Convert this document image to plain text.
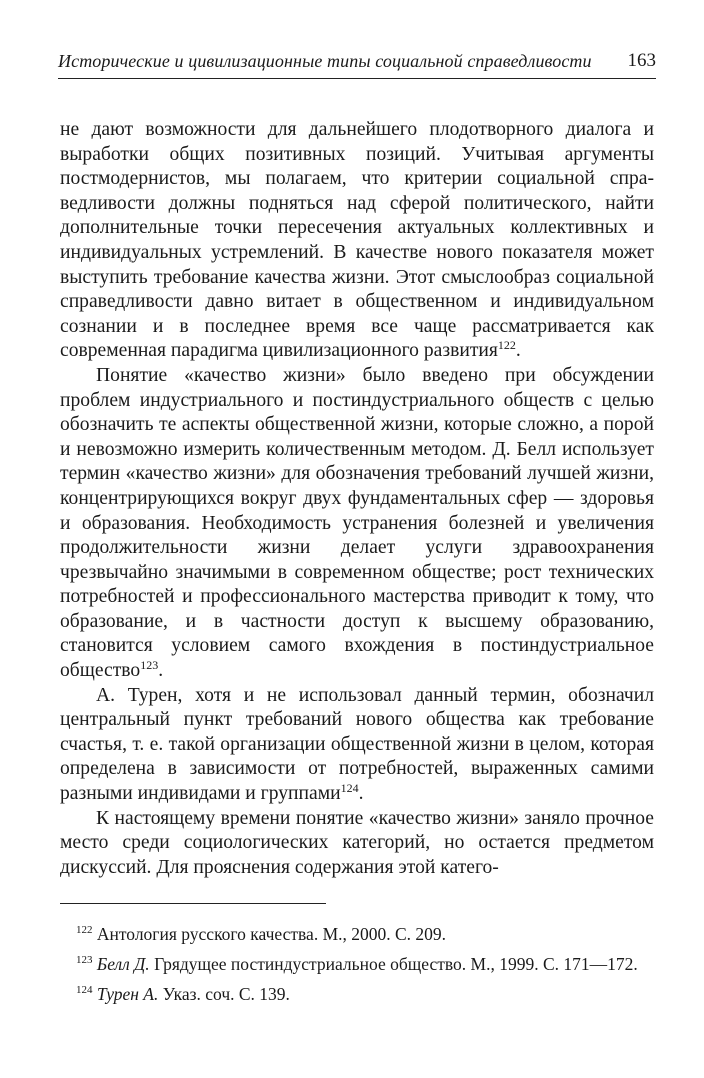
Исторические и цивилизационные типы социальной справедливости 163

не дают возможности для дальнейшего плодотворного диалога и выработки общих позитивных позиций. Учитывая аргументы постмодернистов, мы полагаем, что критерии социальной справедливости должны подняться над сферой политического, найти дополнительные точки пересечения актуальных коллективных и индивидуальных устремлений. В качестве нового показателя может выступить требование качества жизни. Этот смыслообраз социальной справедливости давно витает в общественном и индивидуальном сознании и в последнее время все чаще рассматривается как современная парадигма цивилизационного развития$^{122}$.

Понятие «качество жизни» было введено при обсуждении проблем индустриального и постиндустриального обществ с целью обозначить те аспекты общественной жизни, которые сложно, а порой и невозможно измерить количественным методом. Д. Белл использует термин «качество жизни» для обозначения требований лучшей жизни, концентрирующихся вокруг двух фундаментальных сфер — здоровья и образования. Необходимость устранения болезней и увеличения продолжительности жизни делает услуги здравоохранения чрезвычайно значимыми в современном обществе; рост технических потребностей и профессионального мастерства приводит к тому, что образование, и в частности доступ к высшему образованию, становится условием самого вхождения в постиндустриальное общество$^{123}$.

А. Турен, хотя и не использовал данный термин, обозначил центральный пункт требований нового общества как требование счастья, т. е. такой организации общественной жизни в целом, которая определена в зависимости от потребностей, выраженных самими разными индивидами и группами$^{124}$.

К настоящему времени понятие «качество жизни» заняло прочное место среди социологических категорий, но остается предметом дискуссий. Для прояснения содержания этой катего-

$^{122}$ Антология русского качества. М., 2000. С. 209.

$^{123}$ Белл Д. Грядущее постиндустриальное общество. М., 1999. С. 171—172.

$^{124}$ Турен А. Указ. соч. С. 139.
